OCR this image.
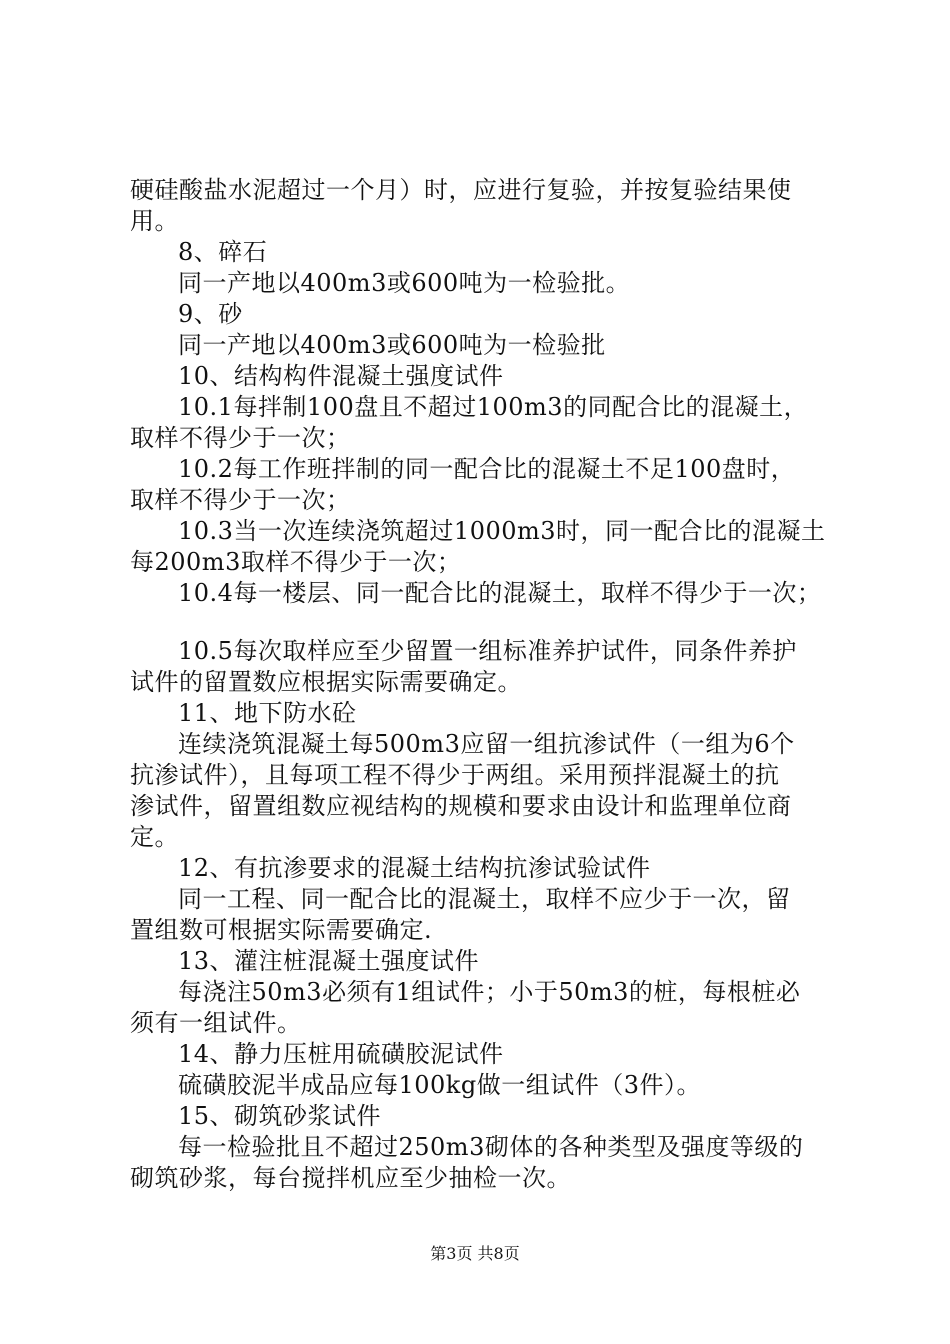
硬硅酸盐水泥超过一个月）时，应进行复验，并按复验结果使
用。
8、碎石
同一产地以400m3或600吨为一检验批。
9、砂
同一产地以400m3或600吨为一检验批
10、结构构件混凝土强度试件
10.1每拌制100盘且不超过100m3的同配合比的混凝土，
取样不得少于一次；
10.2每工作班拌制的同一配合比的混凝土不足100盘时，
取样不得少于一次；
10.3当一次连续浇筑超过1000m3时，同一配合比的混凝土
每200m3取样不得少于一次；
10.4每一楼层、同一配合比的混凝土，取样不得少于一次；
10.5每次取样应至少留置一组标准养护试件，同条件养护
试件的留置数应根据实际需要确定。
11、地下防水砼
连续浇筑混凝土每500m3应留一组抗渗试件（一组为6个
抗渗试件），且每项工程不得少于两组。采用预拌混凝土的抗
渗试件，留置组数应视结构的规模和要求由设计和监理单位商
定。
12、有抗渗要求的混凝土结构抗渗试验试件
同一工程、同一配合比的混凝土，取样不应少于一次，留
置组数可根据实际需要确定.
13、灌注桩混凝土强度试件
每浇注50m3必须有1组试件；小于50m3的桩，每根桩必
须有一组试件。
14、静力压桩用硫磺胶泥试件
硫磺胶泥半成品应每100kg做一组试件（3件）。
15、砌筑砂浆试件
每一检验批且不超过250m3砌体的各种类型及强度等级的
砌筑砂浆，每台搅拌机应至少抽检一次。
第3页 共8页
